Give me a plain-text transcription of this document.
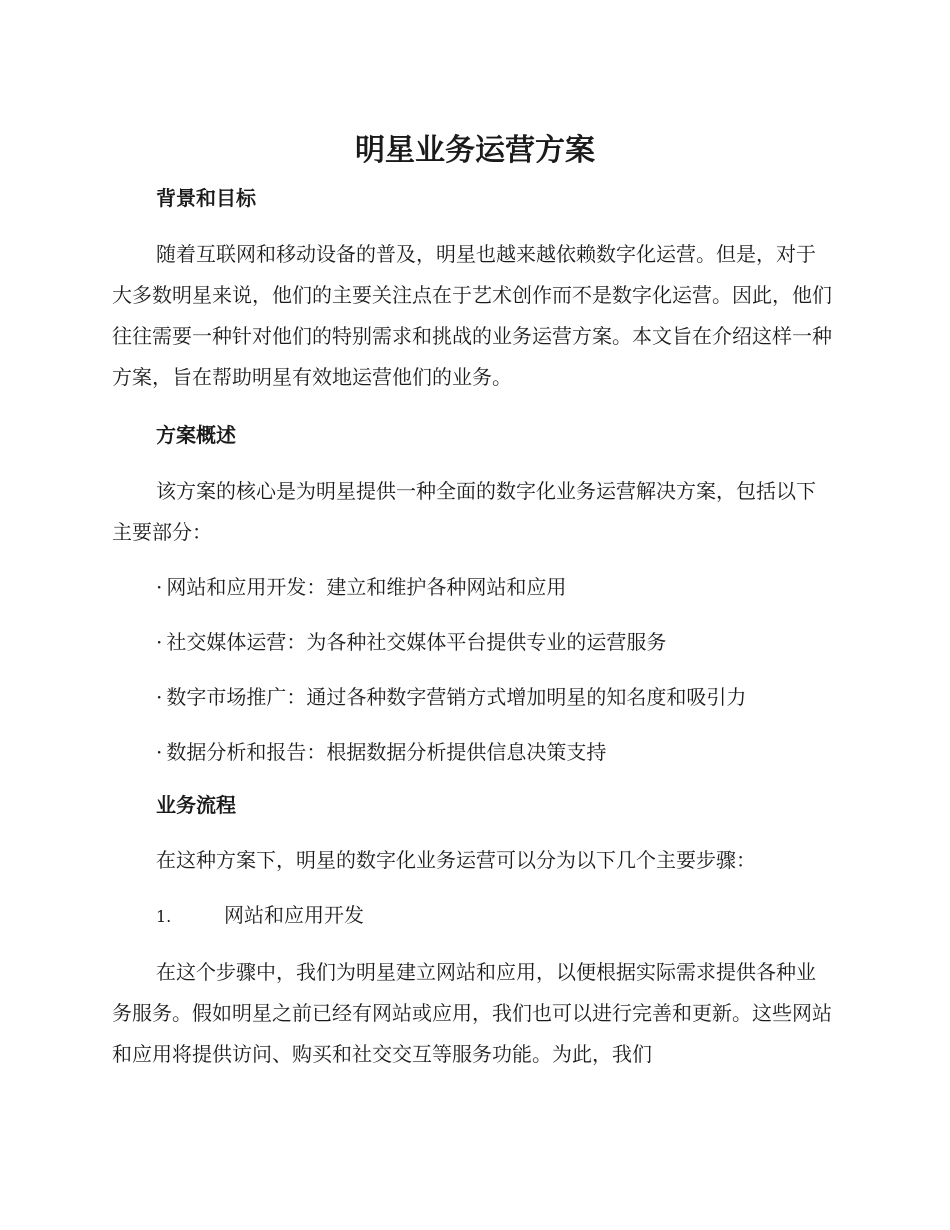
明星业务运营方案
背景和目标

随着互联网和移动设备的普及，明星也越来越依赖数字化运营。但是，对于大多数明星来说，他们的主要关注点在于艺术创作而不是数字化运营。因此，他们往往需要一种针对他们的特别需求和挑战的业务运营方案。本文旨在介绍这样一种方案，旨在帮助明星有效地运营他们的业务。

方案概述

该方案的核心是为明星提供一种全面的数字化业务运营解决方案，包括以下主要部分：

· 网站和应用开发：建立和维护各种网站和应用

· 社交媒体运营：为各种社交媒体平台提供专业的运营服务

· 数字市场推广：通过各种数字营销方式增加明星的知名度和吸引力

· 数据分析和报告：根据数据分析提供信息决策支持

业务流程

在这种方案下，明星的数字化业务运营可以分为以下几个主要步骤：

1.	网站和应用开发

在这个步骤中，我们为明星建立网站和应用，以便根据实际需求提供各种业务服务。假如明星之前已经有网站或应用，我们也可以进行完善和更新。这些网站和应用将提供访问、购买和社交交互等服务功能。为此，我们
